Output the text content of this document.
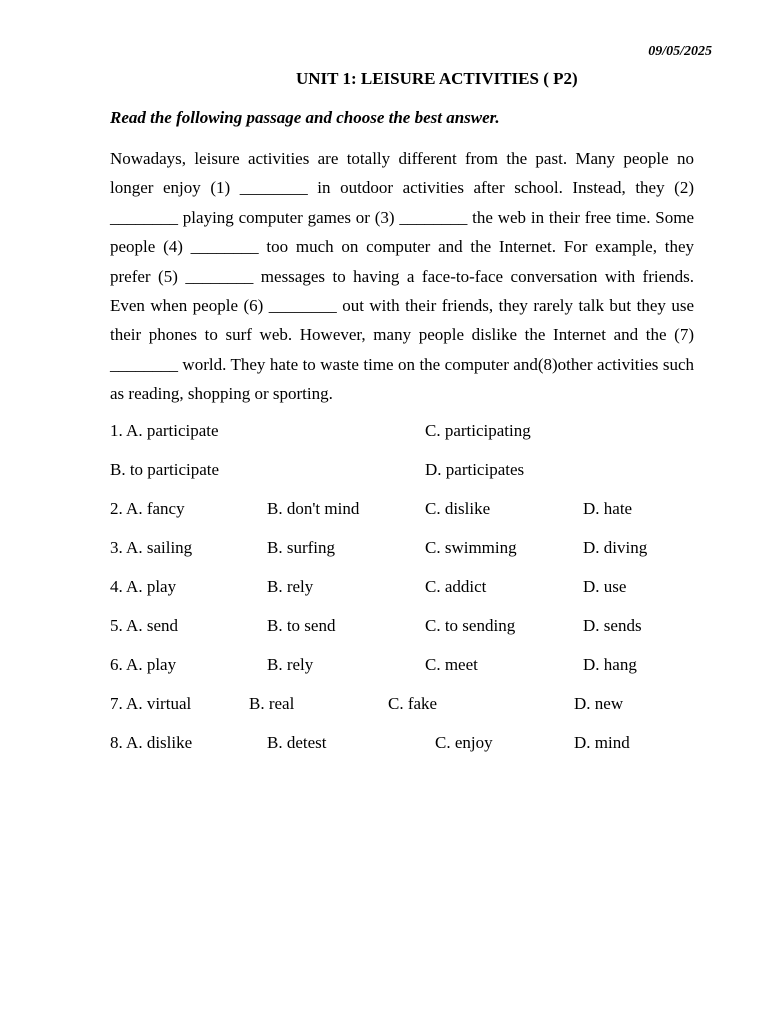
09/05/2025
UNIT 1: LEISURE ACTIVITIES ( P2)
Read the following passage and choose the best answer.

Nowadays, leisure activities are totally different from the past. Many people no longer enjoy (1) ________ in outdoor activities after school. Instead, they (2) ________ playing computer games or (3) ________ the web in their free time. Some people (4) ________ too much on computer and the Internet. For example, they prefer (5) ________ messages to having a face-to-face conversation with friends. Even when people (6) ________ out with their friends, they rarely talk but they use their phones to surf web. However, many people dislike the Internet and the (7) ________ world. They hate to waste time on the computer and(8)other activities such as reading, shopping or sporting.

1. A. participate	C. participating
B. to participate	D. participates
2. A. fancy	B. don't mind	C. dislike	D. hate
3. A. sailing	B. surfing	C. swimming	D. diving
4. A. play	B. rely	C. addict	D. use
5. A. send	B. to send	C. to sending	D. sends
6. A. play	B. rely	C. meet	D. hang
7. A. virtual	B. real	C. fake	D. new
8. A. dislike	B. detest	C. enjoy	D. mind
